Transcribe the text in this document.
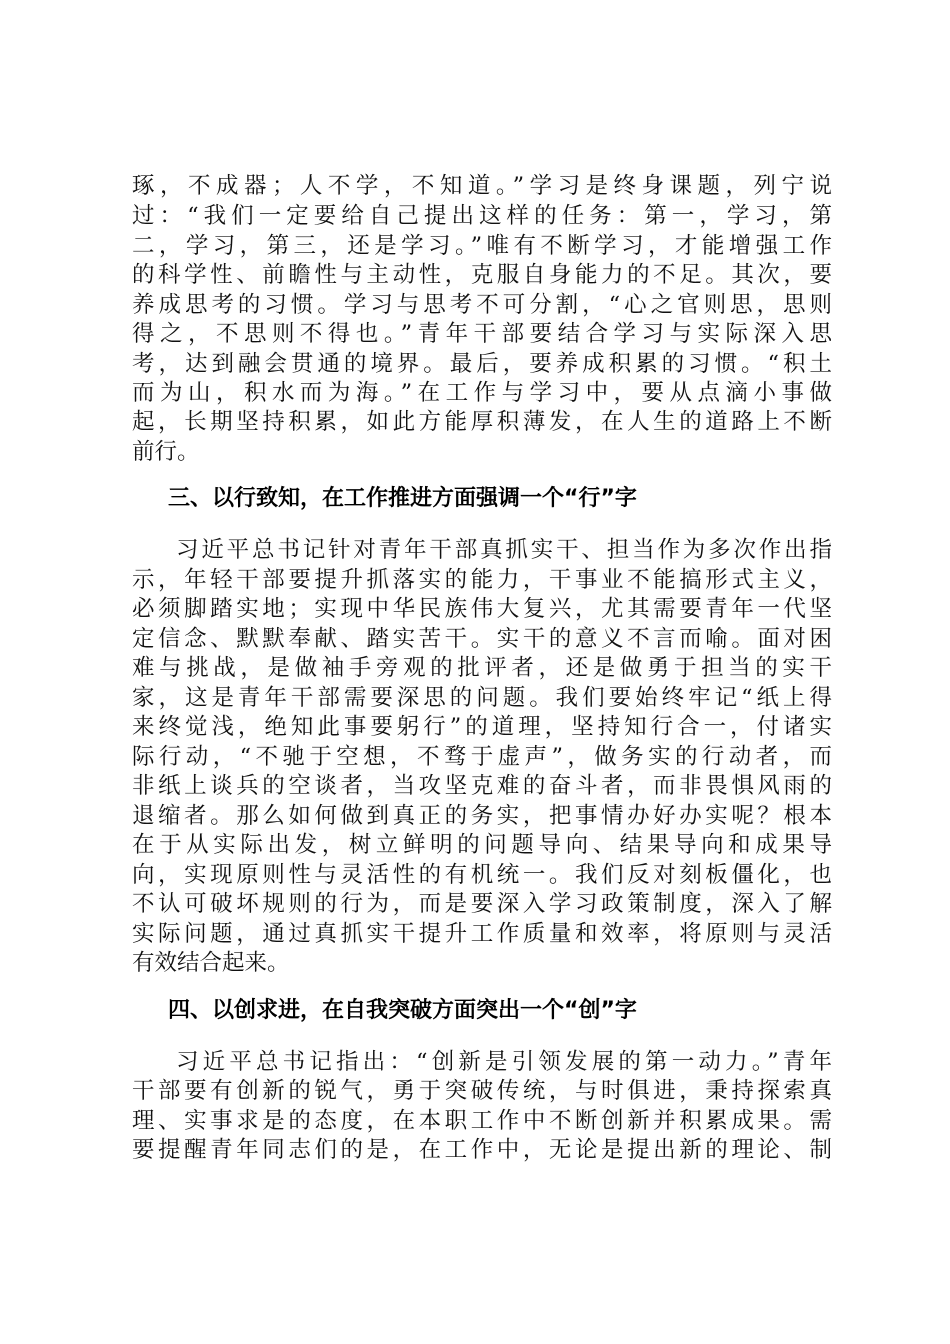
琢，不成器；人不学，不知道。”学习是终身课题，列宁说

过：“我们一定要给自己提出这样的任务：第一，学习，第

二，学习，第三，还是学习。”唯有不断学习，才能增强工作

的科学性、前瞻性与主动性，克服自身能力的不足。其次，要

养成思考的习惯。学习与思考不可分割，“心之官则思，思则

得之，不思则不得也。”青年干部要结合学习与实际深入思

考，达到融会贯通的境界。最后，要养成积累的习惯。“积土

而为山，积水而为海。”在工作与学习中，要从点滴小事做

起，长期坚持积累，如此方能厚积薄发，在人生的道路上不断

前行。

三、以行致知，在工作推进方面强调一个“行”字

习近平总书记针对青年干部真抓实干、担当作为多次作出指

示，年轻干部要提升抓落实的能力，干事业不能搞形式主义，

必须脚踏实地；实现中华民族伟大复兴，尤其需要青年一代坚

定信念、默默奉献、踏实苦干。实干的意义不言而喻。面对困

难与挑战，是做袖手旁观的批评者，还是做勇于担当的实干

家，这是青年干部需要深思的问题。我们要始终牢记“纸上得

来终觉浅，绝知此事要躬行”的道理，坚持知行合一，付诸实

际行动，“不驰于空想，不骛于虚声”，做务实的行动者，而

非纸上谈兵的空谈者，当攻坚克难的奋斗者，而非畏惧风雨的

退缩者。那么如何做到真正的务实，把事情办好办实呢？根本

在于从实际出发，树立鲜明的问题导向、结果导向和成果导

向，实现原则性与灵活性的有机统一。我们反对刻板僵化，也

不认可破坏规则的行为，而是要深入学习政策制度，深入了解

实际问题，通过真抓实干提升工作质量和效率，将原则与灵活

有效结合起来。

四、以创求进，在自我突破方面突出一个“创”字

习近平总书记指出：“创新是引领发展的第一动力。”青年

干部要有创新的锐气，勇于突破传统，与时俱进，秉持探索真

理、实事求是的态度，在本职工作中不断创新并积累成果。需

要提醒青年同志们的是，在工作中，无论是提出新的理论、制
